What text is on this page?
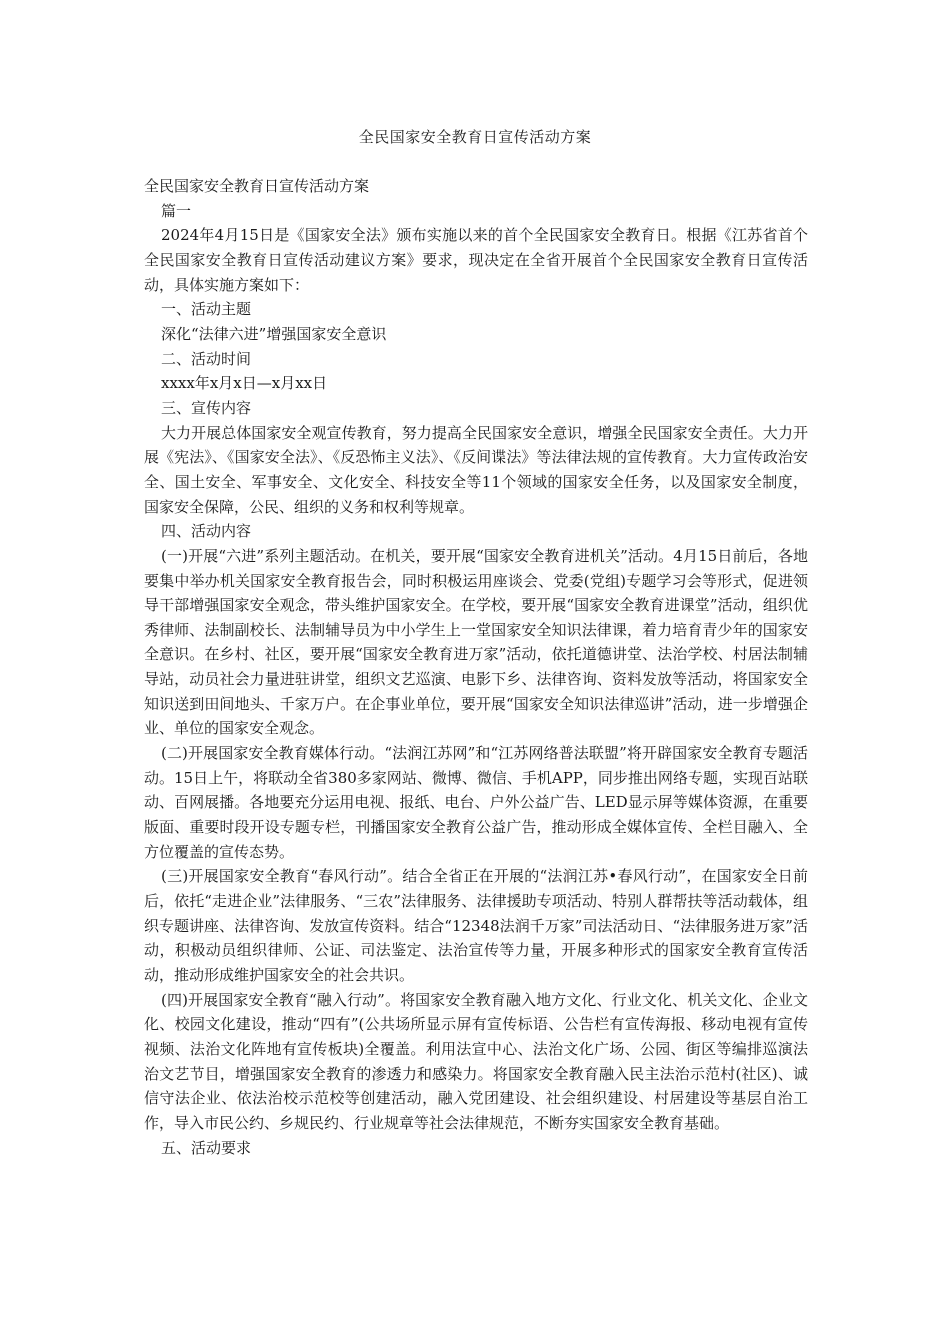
全民国家安全教育日宣传活动方案

全民国家安全教育日宣传活动方案

篇一

2024年4月15日是《国家安全法》颁布实施以来的首个全民国家安全教育日。根据《江苏省首个全民国家安全教育日宣传活动建议方案》要求，现决定在全省开展首个全民国家安全教育日宣传活动，具体实施方案如下：

一、活动主题

深化“法律六进”增强国家安全意识

二、活动时间

xxxx年x月x日—x月xx日

三、宣传内容

大力开展总体国家安全观宣传教育，努力提高全民国家安全意识，增强全民国家安全责任。大力开展《宪法》、《国家安全法》、《反恐怖主义法》、《反间谍法》等法律法规的宣传教育。大力宣传政治安全、国土安全、军事安全、文化安全、科技安全等11个领域的国家安全任务，以及国家安全制度，国家安全保障，公民、组织的义务和权利等规章。

四、活动内容

(一)开展“六进”系列主题活动。在机关，要开展“国家安全教育进机关”活动。4月15日前后，各地要集中举办机关国家安全教育报告会，同时积极运用座谈会、党委(党组)专题学习会等形式，促进领导干部增强国家安全观念，带头维护国家安全。在学校，要开展“国家安全教育进课堂”活动，组织优秀律师、法制副校长、法制辅导员为中小学生上一堂国家安全知识法律课，着力培育青少年的国家安全意识。在乡村、社区，要开展“国家安全教育进万家”活动，依托道德讲堂、法治学校、村居法制辅导站，动员社会力量进驻讲堂，组织文艺巡演、电影下乡、法律咨询、资料发放等活动，将国家安全知识送到田间地头、千家万户。在企事业单位，要开展“国家安全知识法律巡讲”活动，进一步增强企业、单位的国家安全观念。

(二)开展国家安全教育媒体行动。“法润江苏网”和“江苏网络普法联盟”将开辟国家安全教育专题活动。15日上午，将联动全省380多家网站、微博、微信、手机APP，同步推出网络专题，实现百站联动、百网展播。各地要充分运用电视、报纸、电台、户外公益广告、LED显示屏等媒体资源，在重要版面、重要时段开设专题专栏，刊播国家安全教育公益广告，推动形成全媒体宣传、全栏目融入、全方位覆盖的宣传态势。

(三)开展国家安全教育“春风行动”。结合全省正在开展的“法润江苏•春风行动”，在国家安全日前后，依托“走进企业”法律服务、“三农”法律服务、法律援助专项活动、特别人群帮扶等活动载体，组织专题讲座、法律咨询、发放宣传资料。结合“12348法润千万家”司法活动日、“法律服务进万家”活动，积极动员组织律师、公证、司法鉴定、法治宣传等力量，开展多种形式的国家安全教育宣传活动，推动形成维护国家安全的社会共识。

(四)开展国家安全教育“融入行动”。将国家安全教育融入地方文化、行业文化、机关文化、企业文化、校园文化建设，推动“四有”(公共场所显示屏有宣传标语、公告栏有宣传海报、移动电视有宣传视频、法治文化阵地有宣传板块)全覆盖。利用法宣中心、法治文化广场、公园、街区等编排巡演法治文艺节目，增强国家安全教育的渗透力和感染力。将国家安全教育融入民主法治示范村(社区)、诚信守法企业、依法治校示范校等创建活动，融入党团建设、社会组织建设、村居建设等基层自治工作，导入市民公约、乡规民约、行业规章等社会法律规范，不断夯实国家安全教育基础。

五、活动要求
